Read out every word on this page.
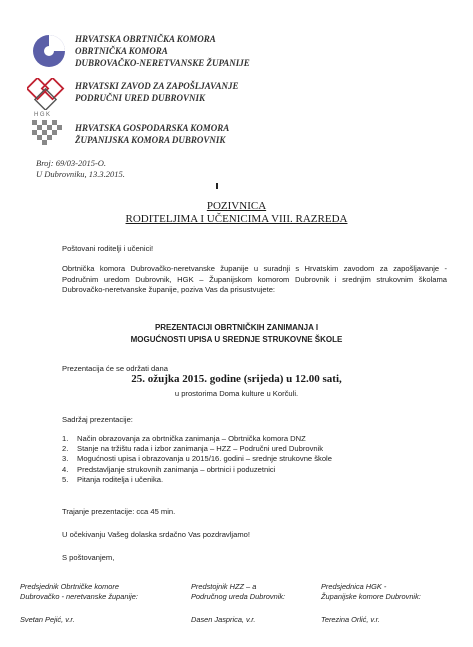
HRVATSKA OBRTNIČKA KOMORA
OBRTNIČKA KOMORA
DUBROVAČKO-NERETVANSKE ŽUPANIJE
HRVATSKI ZAVOD ZA ZAPOŠLJAVANJE
PODRUČNI URED DUBROVNIK
HGK
HRVATSKA GOSPODARSKA KOMORA
ŽUPANIJSKA KOMORA DUBROVNIK
Broj: 69/03-2015-O.
U Dubrovniku, 13.3.2015.
POZIVNICA
RODITELJIMA I UČENICIMA VIII. RAZREDA
Poštovani roditelji i učenici!
Obrtnička komora Dubrovačko-neretvanske županije u suradnji s Hrvatskim zavodom za zapošljavanje - Područnim uredom Dubrovnik, HGK – Županijskom komorom Dubrovnik i srednjim strukovnim školama Dubrovačko-neretvanske županije, poziva Vas da prisustvujete:
PREZENTACIJI OBRTNIČKIH ZANIMANJA I
MOGUĆNOSTI UPISA U SREDNJE STRUKOVNE ŠKOLE
Prezentacija će se održati dana
25. ožujka 2015. godine (srijeda) u 12.00 sati,
u prostorima Doma kulture u Korčuli.
Sadržaj prezentacije:
1. Način obrazovanja za obrtnička zanimanja – Obrtnička komora DNZ
2. Stanje na tržištu rada i izbor zanimanja – HZZ – Područni ured Dubrovnik
3. Mogućnosti upisa i obrazovanja u 2015/16. godini – srednje strukovne škole
4. Predstavljanje strukovnih zanimanja – obrtnici i poduzetnici
5. Pitanja roditelja i učenika.
Trajanje prezentacije: cca 45 min.
U očekivanju Vašeg dolaska srdačno Vas pozdravljamo!
S poštovanjem,
Predsjednik Obrtničke komore
Dubrovačko - neretvanske županije:
Predstojnik HZZ – a
Područnog ureda Dubrovnik:
Predsjednica HGK -
Županijske komore Dubrovnik:
Svetan Pejić, v.r.	Dasen Jasprica, v.r.	Terezina Orlić, v.r.
